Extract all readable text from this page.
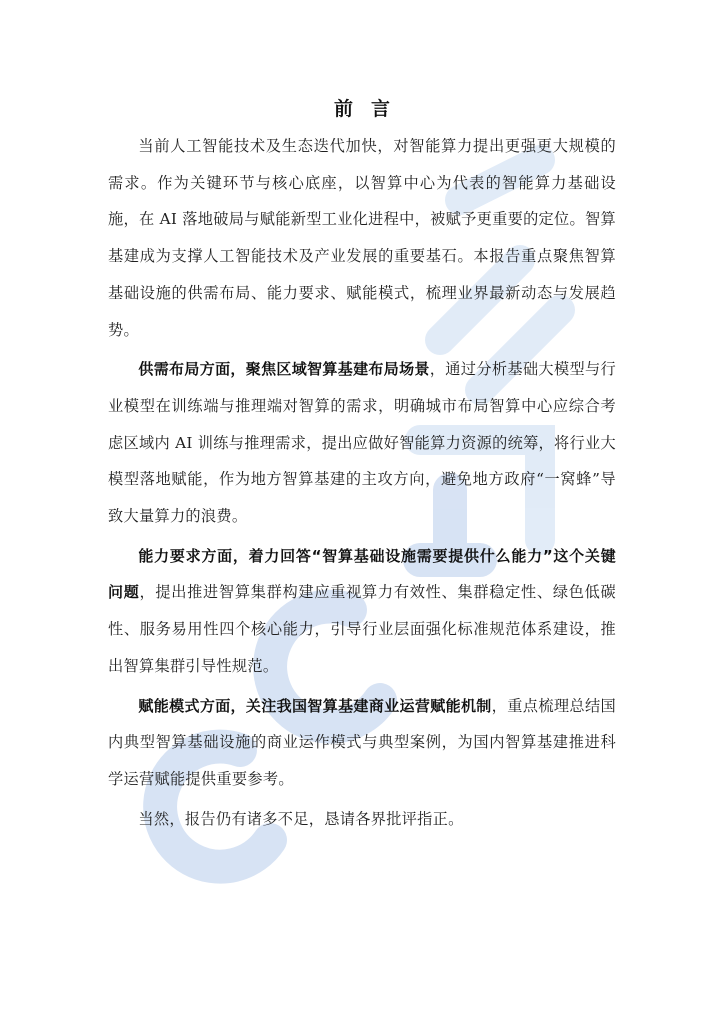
前言

当前人工智能技术及生态迭代加快，对智能算力提出更强更大规模的需求。作为关键环节与核心底座，以智算中心为代表的智能算力基础设施，在 AI 落地破局与赋能新型工业化进程中，被赋予更重要的定位。智算基建成为支撑人工智能技术及产业发展的重要基石。本报告重点聚焦智算基础设施的供需布局、能力要求、赋能模式，梳理业界最新动态与发展趋势。

供需布局方面，聚焦区域智算基建布局场景，通过分析基础大模型与行业模型在训练端与推理端对智算的需求，明确城市布局智算中心应综合考虑区域内 AI 训练与推理需求，提出应做好智能算力资源的统筹，将行业大模型落地赋能，作为地方智算基建的主攻方向，避免地方政府“一窝蜂”导致大量算力的浪费。

能力要求方面，着力回答“智算基础设施需要提供什么能力”这个关键问题，提出推进智算集群构建应重视算力有效性、集群稳定性、绿色低碳性、服务易用性四个核心能力，引导行业层面强化标准规范体系建设，推出智算集群引导性规范。

赋能模式方面，关注我国智算基建商业运营赋能机制，重点梳理总结国内典型智算基础设施的商业运作模式与典型案例，为国内智算基建推进科学运营赋能提供重要参考。

当然，报告仍有诸多不足，恳请各界批评指正。
